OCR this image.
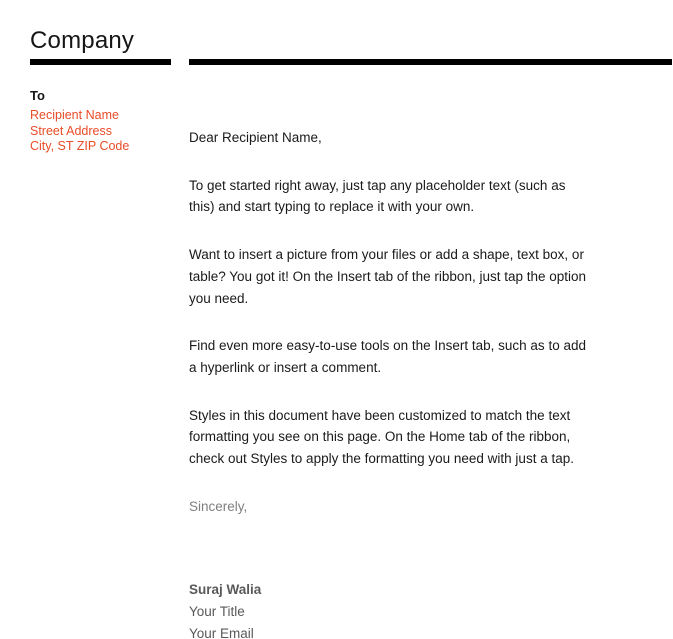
Company
To
Recipient Name
Street Address
City, ST ZIP Code

Dear Recipient Name,

To get started right away, just tap any placeholder text (such as
this) and start typing to replace it with your own.

Want to insert a picture from your files or add a shape, text box, or
table? You got it! On the Insert tab of the ribbon, just tap the option
you need.

Find even more easy-to-use tools on the Insert tab, such as to add
a hyperlink or insert a comment.

Styles in this document have been customized to match the text
formatting you see on this page. On the Home tab of the ribbon,
check out Styles to apply the formatting you need with just a tap.

Sincerely,

Suraj Walia
Your Title
Your Email
